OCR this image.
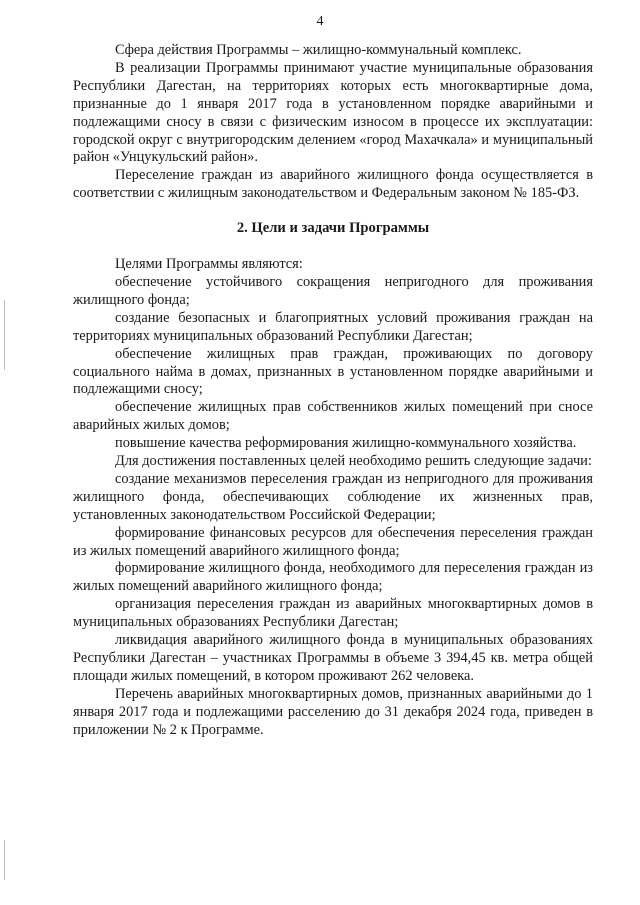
4

Сфера действия Программы – жилищно-коммунальный комплекс.

В реализации Программы принимают участие муниципальные образования Республики Дагестан, на территориях которых есть многоквартирные дома, признанные до 1 января 2017 года в установленном порядке аварийными и подлежащими сносу в связи с физическим износом в процессе их эксплуатации: городской округ с внутригородским делением «город Махачкала» и муниципальный район «Унцукульский район».

Переселение граждан из аварийного жилищного фонда осуществляется в соответствии с жилищным законодательством и Федеральным законом № 185-ФЗ.

2. Цели и задачи Программы

Целями Программы являются:

обеспечение устойчивого сокращения непригодного для проживания жилищного фонда;

создание безопасных и благоприятных условий проживания граждан на территориях муниципальных образований Республики Дагестан;

обеспечение жилищных прав граждан, проживающих по договору социального найма в домах, признанных в установленном порядке аварийными и подлежащими сносу;

обеспечение жилищных прав собственников жилых помещений при сносе аварийных жилых домов;

повышение качества реформирования жилищно-коммунального хозяйства.

Для достижения поставленных целей необходимо решить следующие задачи:

создание механизмов переселения граждан из непригодного для проживания жилищного фонда, обеспечивающих соблюдение их жизненных прав, установленных законодательством Российской Федерации;

формирование финансовых ресурсов для обеспечения переселения граждан из жилых помещений аварийного жилищного фонда;

формирование жилищного фонда, необходимого для переселения граждан из жилых помещений аварийного жилищного фонда;

организация переселения граждан из аварийных многоквартирных домов в муниципальных образованиях Республики Дагестан;

ликвидация аварийного жилищного фонда в муниципальных образованиях Республики Дагестан – участниках Программы в объеме 3 394,45 кв. метра общей площади жилых помещений, в котором проживают 262 человека.

Перечень аварийных многоквартирных домов, признанных аварийными до 1 января 2017 года и подлежащими расселению до 31 декабря 2024 года, приведен в приложении № 2 к Программе.
